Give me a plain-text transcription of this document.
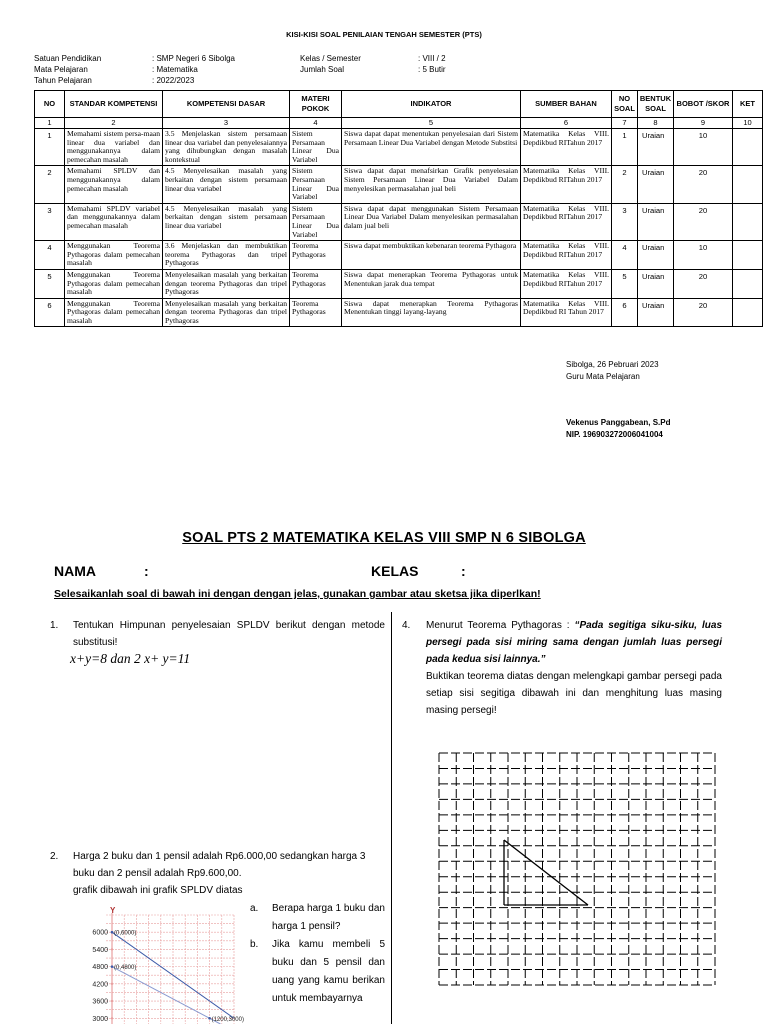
KISI-KISI SOAL PENILAIAN TENGAH SEMESTER (PTS)
Satuan Pendidikan	: SMP Negeri 6 Sibolga
Mata Pelajaran	: Matematika
Tahun Pelajaran	: 2022/2023
Kelas / Semester	: VIII / 2
Jumlah Soal	: 5 Butir
NO	STANDAR KOMPETENSI	KOMPETENSI DASAR	MATERI POKOK	INDIKATOR	SUMBER BAHAN	NO SOAL	BENTUK SOAL	BOBOT /SKOR	KET
1	2	3	4	5	6	7	8	9	10
1	Memahami sistem persa-maan linear dua variabel dan menggunakannya dalam pemecahan masalah	3.5 Menjelaskan sistem persamaan linear dua variabel dan penyelesaiannya yang dihubungkan dengan masalah kontekstual	Sistem Persamaan Linear Dua Variabel	Siswa dapat dapat menentukan penyelesaian dari Sistem Persamaan Linear Dua Variabel dengan Metode Substitsi	Matematika Kelas VIII. Depdikbud RITahun 2017	1	Uraian	10	
2	Memahami SPLDV dan menggunakannya dalam pemecahan masalah	4.5 Menyelesaikan masalah yang berkaitan dengan sistem persamaan linear dua variabel	Sistem Persamaan Linear Dua Variabel	Siswa dapat dapat menafsirkan Grafik penyelesaian Sistem Persamaan Linear Dua Variabel Dalam menyelesikan permasalahan jual beli	Matematika Kelas VIII. Depdikbud RITahun 2017	2	Uraian	20	
3	Memahami SPLDV variabel dan menggunakannya dalam pemecahan masalah	4.5 Menyelesaikan masalah yang berkaitan dengan sistem persamaan linear dua variabel	Sistem Persamaan Linear Dua Variabel	Siswa dapat dapat menggunakan Sistem Persamaan Linear Dua Variabel Dalam menyelesikan permasalahan dalam jual beli	Matematika Kelas VIII. Depdikbud RITahun 2017	3	Uraian	20	
4	Menggunakan Teorema Pythagoras dalam pemecahan masalah	3.6 Menjelaskan dan membuktikan teorema Pythagoras dan tripel Pythagoras	Teorema Pythagoras	Siswa dapat membuktikan kebenaran teorema Pythagora	Matematika Kelas VIII. Depdikbud RITahun 2017	4	Uraian	10	
5	Menggunakan Teorema Pythagoras dalam pemecahan masalah	Menyelesaikan masalah yang berkaitan dengan teorema Pythagoras dan tripel Pythagoras	Teorema Pythagoras	Siswa dapat menerapkan Teorema Pythagoras untuk Menentukan jarak dua tempat	Matematika Kelas VIII. Depdikbud RITahun 2017	5	Uraian	20	
6	Menggunakan Teorema Pythagoras dalam pemecahan masalah	Menyelesaikan masalah yang berkaitan dengan teorema Pythagoras dan tripel Pythagoras	Teorema Pythagoras	Siswa dapat menerapkan Teorema Pythagoras Menentukan tinggi layang-layang	Matematika Kelas VIII. Depdikbud RI Tahun 2017	6	Uraian	20	
Sibolga, 26 Pebruari 2023
Guru Mata Pelajaran
Vekenus Panggabean, S.Pd
NIP. 196903272006041004
SOAL PTS 2 MATEMATIKA KELAS VIII SMP N 6 SIBOLGA
NAMA	:	KELAS	:
Selesaikanlah soal di bawah ini dengan dengan jelas, gunakan gambar atau sketsa jika diperlkan!
1. Tentukan Himpunan penyelesaian SPLDV berikut dengan metode substitusi!
x+y=8 dan 2 x+ y=11
4. Menurut Teorema Pythagoras : “Pada segitiga siku-siku, luas persegi pada sisi miring sama dengan jumlah luas persegi pada kedua sisi lainnya.”
Buktikan teorema diatas dengan melengkapi gambar persegi pada setiap sisi segitiga dibawah ini dan menghitung luas masing masing persegi!
2. Harga 2 buku dan 1 pensil adalah Rp6.000,00 sedangkan harga 3 buku dan 2 pensil adalah Rp9.600,00.
grafik dibawah ini grafik SPLDV diatas
a. Berapa harga 1 buku dan harga 1 pensil?
b. Jika kamu membeli 5 buku dan 5 pensil dan uang yang kamu berikan untuk membayarnya
Y
6000
5400
4800
4200
3600
3000
(0,6000)
(0,4800)
(1200,3000)
